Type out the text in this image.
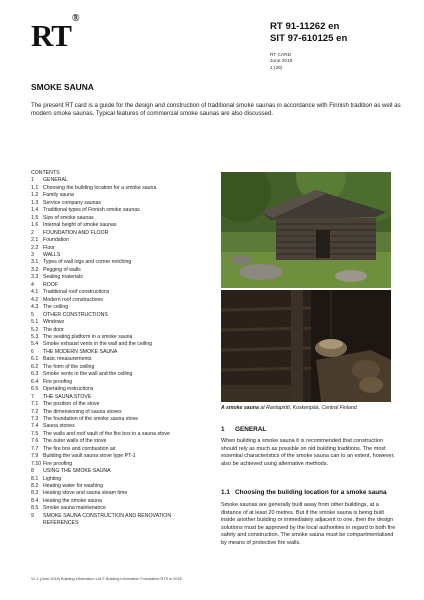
RT®
RT 91-11262 en
SIT 97-610125 en
RT CARD
June 2018
1 (26)
SMOKE SAUNA
The present RT card is a guide for the design and construction of traditional smoke saunas in accordance with Finnish tradition as well as modern smoke saunas. Typical features of commercial smoke saunas are also discussed.
CONTENTS
1	GENERAL
1.1 Choosing the building location for a smoke sauna
1.2 Family sauna
1.3 Service company saunas
1.4 Traditional types of Finnish smoke saunas
1.5 Size of smoke saunas
1.6 Internal height of smoke saunas
2	FOUNDATION AND FLOOR
2.1 Foundation
2.2 Floor
3	WALLS
3.1 Types of wall logs and corner notching
3.2 Pegging of walls
3.3 Sealing materials
4	ROOF
4.1 Traditional roof constructions
4.2 Modern roof constructions
4.3 The ceiling
5	OTHER CONSTRUCTIONS
5.1 Windows
5.2 The door
5.3 The seating platform in a smoke sauna
5.4 Smoke exhaust vents in the wall and the ceiling
6	THE MODERN SMOKE SAUNA
6.1 Basic measurements
6.2 The form of the ceiling
6.3 Smoke vents in the wall and the ceiling
6.4 Fire proofing
6.5 Operating instructions
7	THE SAUNA STOVE
7.1 The position of the stove
7.2 The dimensioning of sauna stoves
7.3 The foundation of the smoke sauna stove
7.4 Sauna stones
7.5 The walls and roof vault of the fire box in a sauna stove
7.6 The outer walls of the stove
7.7 The fire box and combustion air
7.9 Building the vault sauna stove type PT-1
7.10 Fire proofing
8	USING THE SMOKE SAUNA
8.1 Lighting
8.2 Heating water for washing
8.3 Heating stove and sauna steam time
8.4 Heating the smoke sauna
8.5 Smoke sauna maintenance
9	SMOKE SAUNA CONSTRUCTION AND RENOVATION
REFERENCES
A smoke sauna at Rantapirtti, Koskenpää, Central Finland.
1	GENERAL
When building a smoke sauna it is recommended that construction should rely as much as possible on old building traditions. The most essential characteristics of the smoke sauna can to an extent, however, also be achieved using alternative methods.
1.1 Choosing the building location for a smoke sauna
Smoke saunas are generally built away from other buildings, at a distance of at least 20 metres. But if the smoke sauna is being built inside another building or immediately adjacent to one, then the design solutions must be approved by the local authorities in regard to both fire safety and construction. The smoke sauna must be compartmentalised by means of protective fire walls.
VL 1 (June 2018) Building Information Ltd © Building Information Foundation RTS sr 2018
